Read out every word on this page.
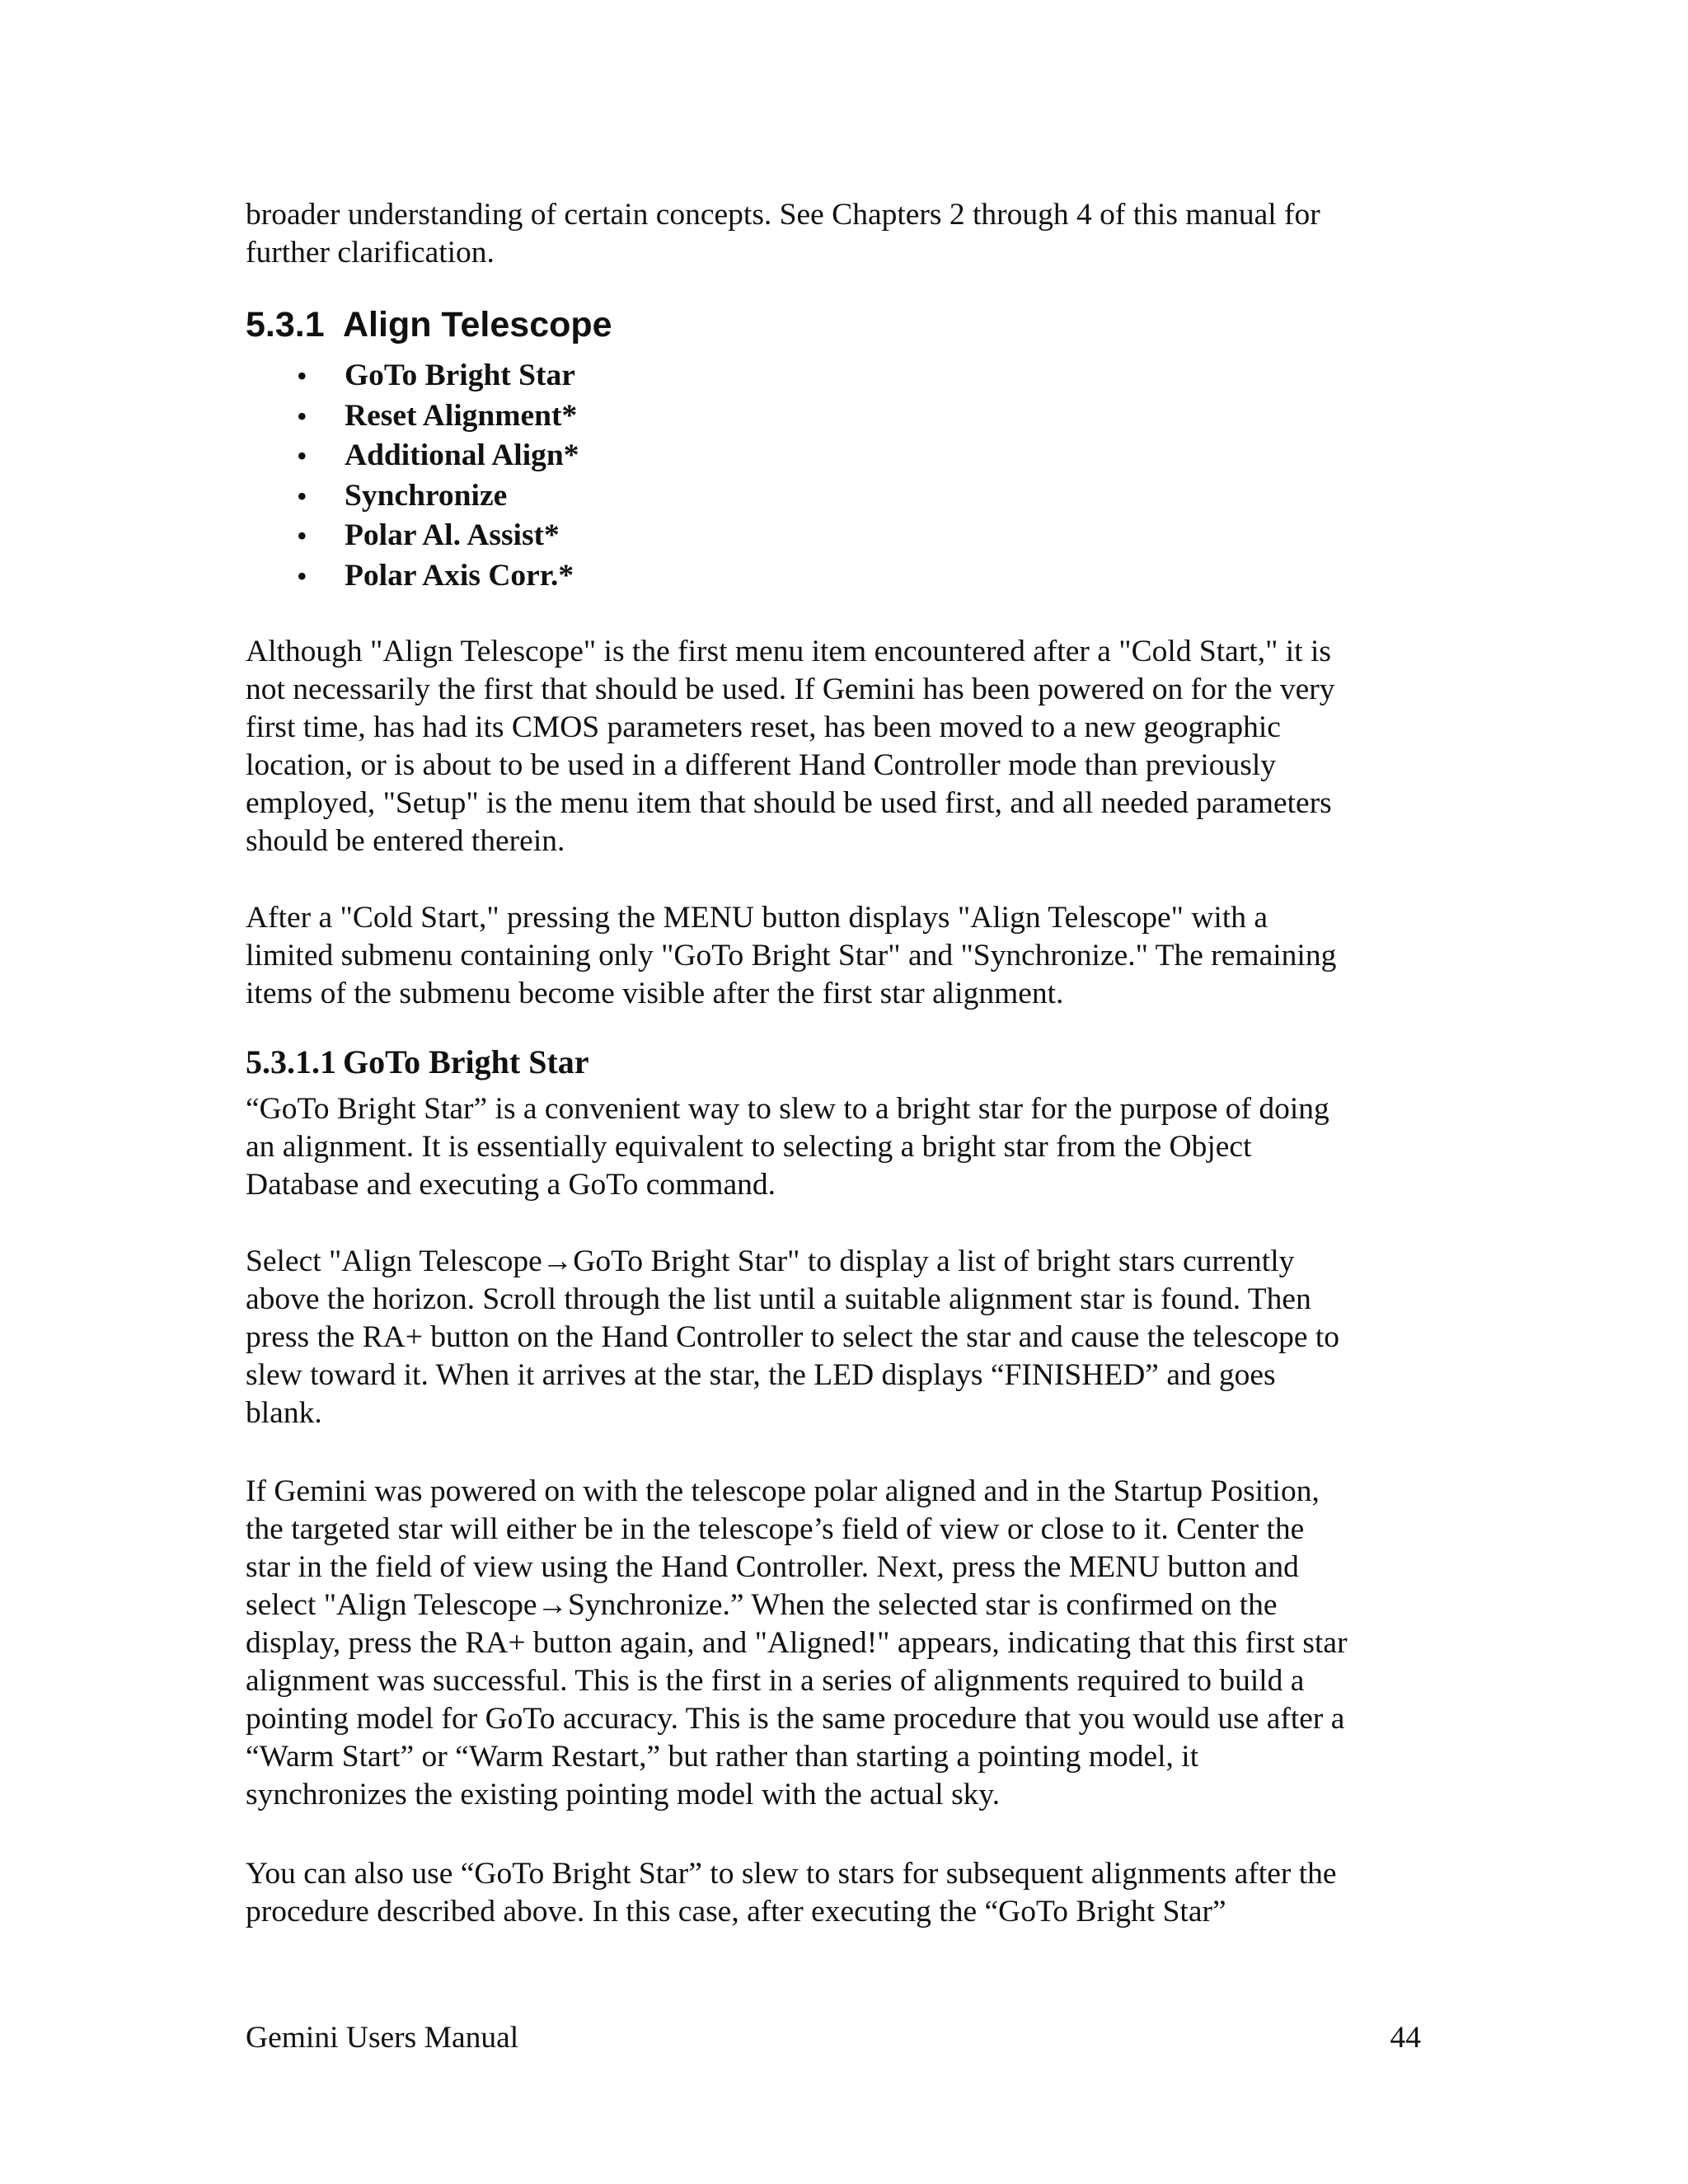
broader understanding of certain concepts. See Chapters 2 through 4 of this manual for
further clarification.

5.3.1 Align Telescope
• GoTo Bright Star
• Reset Alignment*
• Additional Align*
• Synchronize
• Polar Al. Assist*
• Polar Axis Corr.*

Although "Align Telescope" is the first menu item encountered after a "Cold Start," it is
not necessarily the first that should be used. If Gemini has been powered on for the very
first time, has had its CMOS parameters reset, has been moved to a new geographic
location, or is about to be used in a different Hand Controller mode than previously
employed, "Setup" is the menu item that should be used first, and all needed parameters
should be entered therein.

After a "Cold Start," pressing the MENU button displays "Align Telescope" with a
limited submenu containing only "GoTo Bright Star" and "Synchronize." The remaining
items of the submenu become visible after the first star alignment.

5.3.1.1 GoTo Bright Star

“GoTo Bright Star” is a convenient way to slew to a bright star for the purpose of doing
an alignment. It is essentially equivalent to selecting a bright star from the Object
Database and executing a GoTo command.

Select "Align Telescope→GoTo Bright Star" to display a list of bright stars currently
above the horizon. Scroll through the list until a suitable alignment star is found. Then
press the RA+ button on the Hand Controller to select the star and cause the telescope to
slew toward it. When it arrives at the star, the LED displays “FINISHED” and goes
blank.

If Gemini was powered on with the telescope polar aligned and in the Startup Position,
the targeted star will either be in the telescope’s field of view or close to it. Center the
star in the field of view using the Hand Controller. Next, press the MENU button and
select "Align Telescope→Synchronize.” When the selected star is confirmed on the
display, press the RA+ button again, and "Aligned!" appears, indicating that this first star
alignment was successful. This is the first in a series of alignments required to build a
pointing model for GoTo accuracy. This is the same procedure that you would use after a
“Warm Start” or “Warm Restart,” but rather than starting a pointing model, it
synchronizes the existing pointing model with the actual sky.

You can also use “GoTo Bright Star” to slew to stars for subsequent alignments after the
procedure described above. In this case, after executing the “GoTo Bright Star”

Gemini Users Manual	44
